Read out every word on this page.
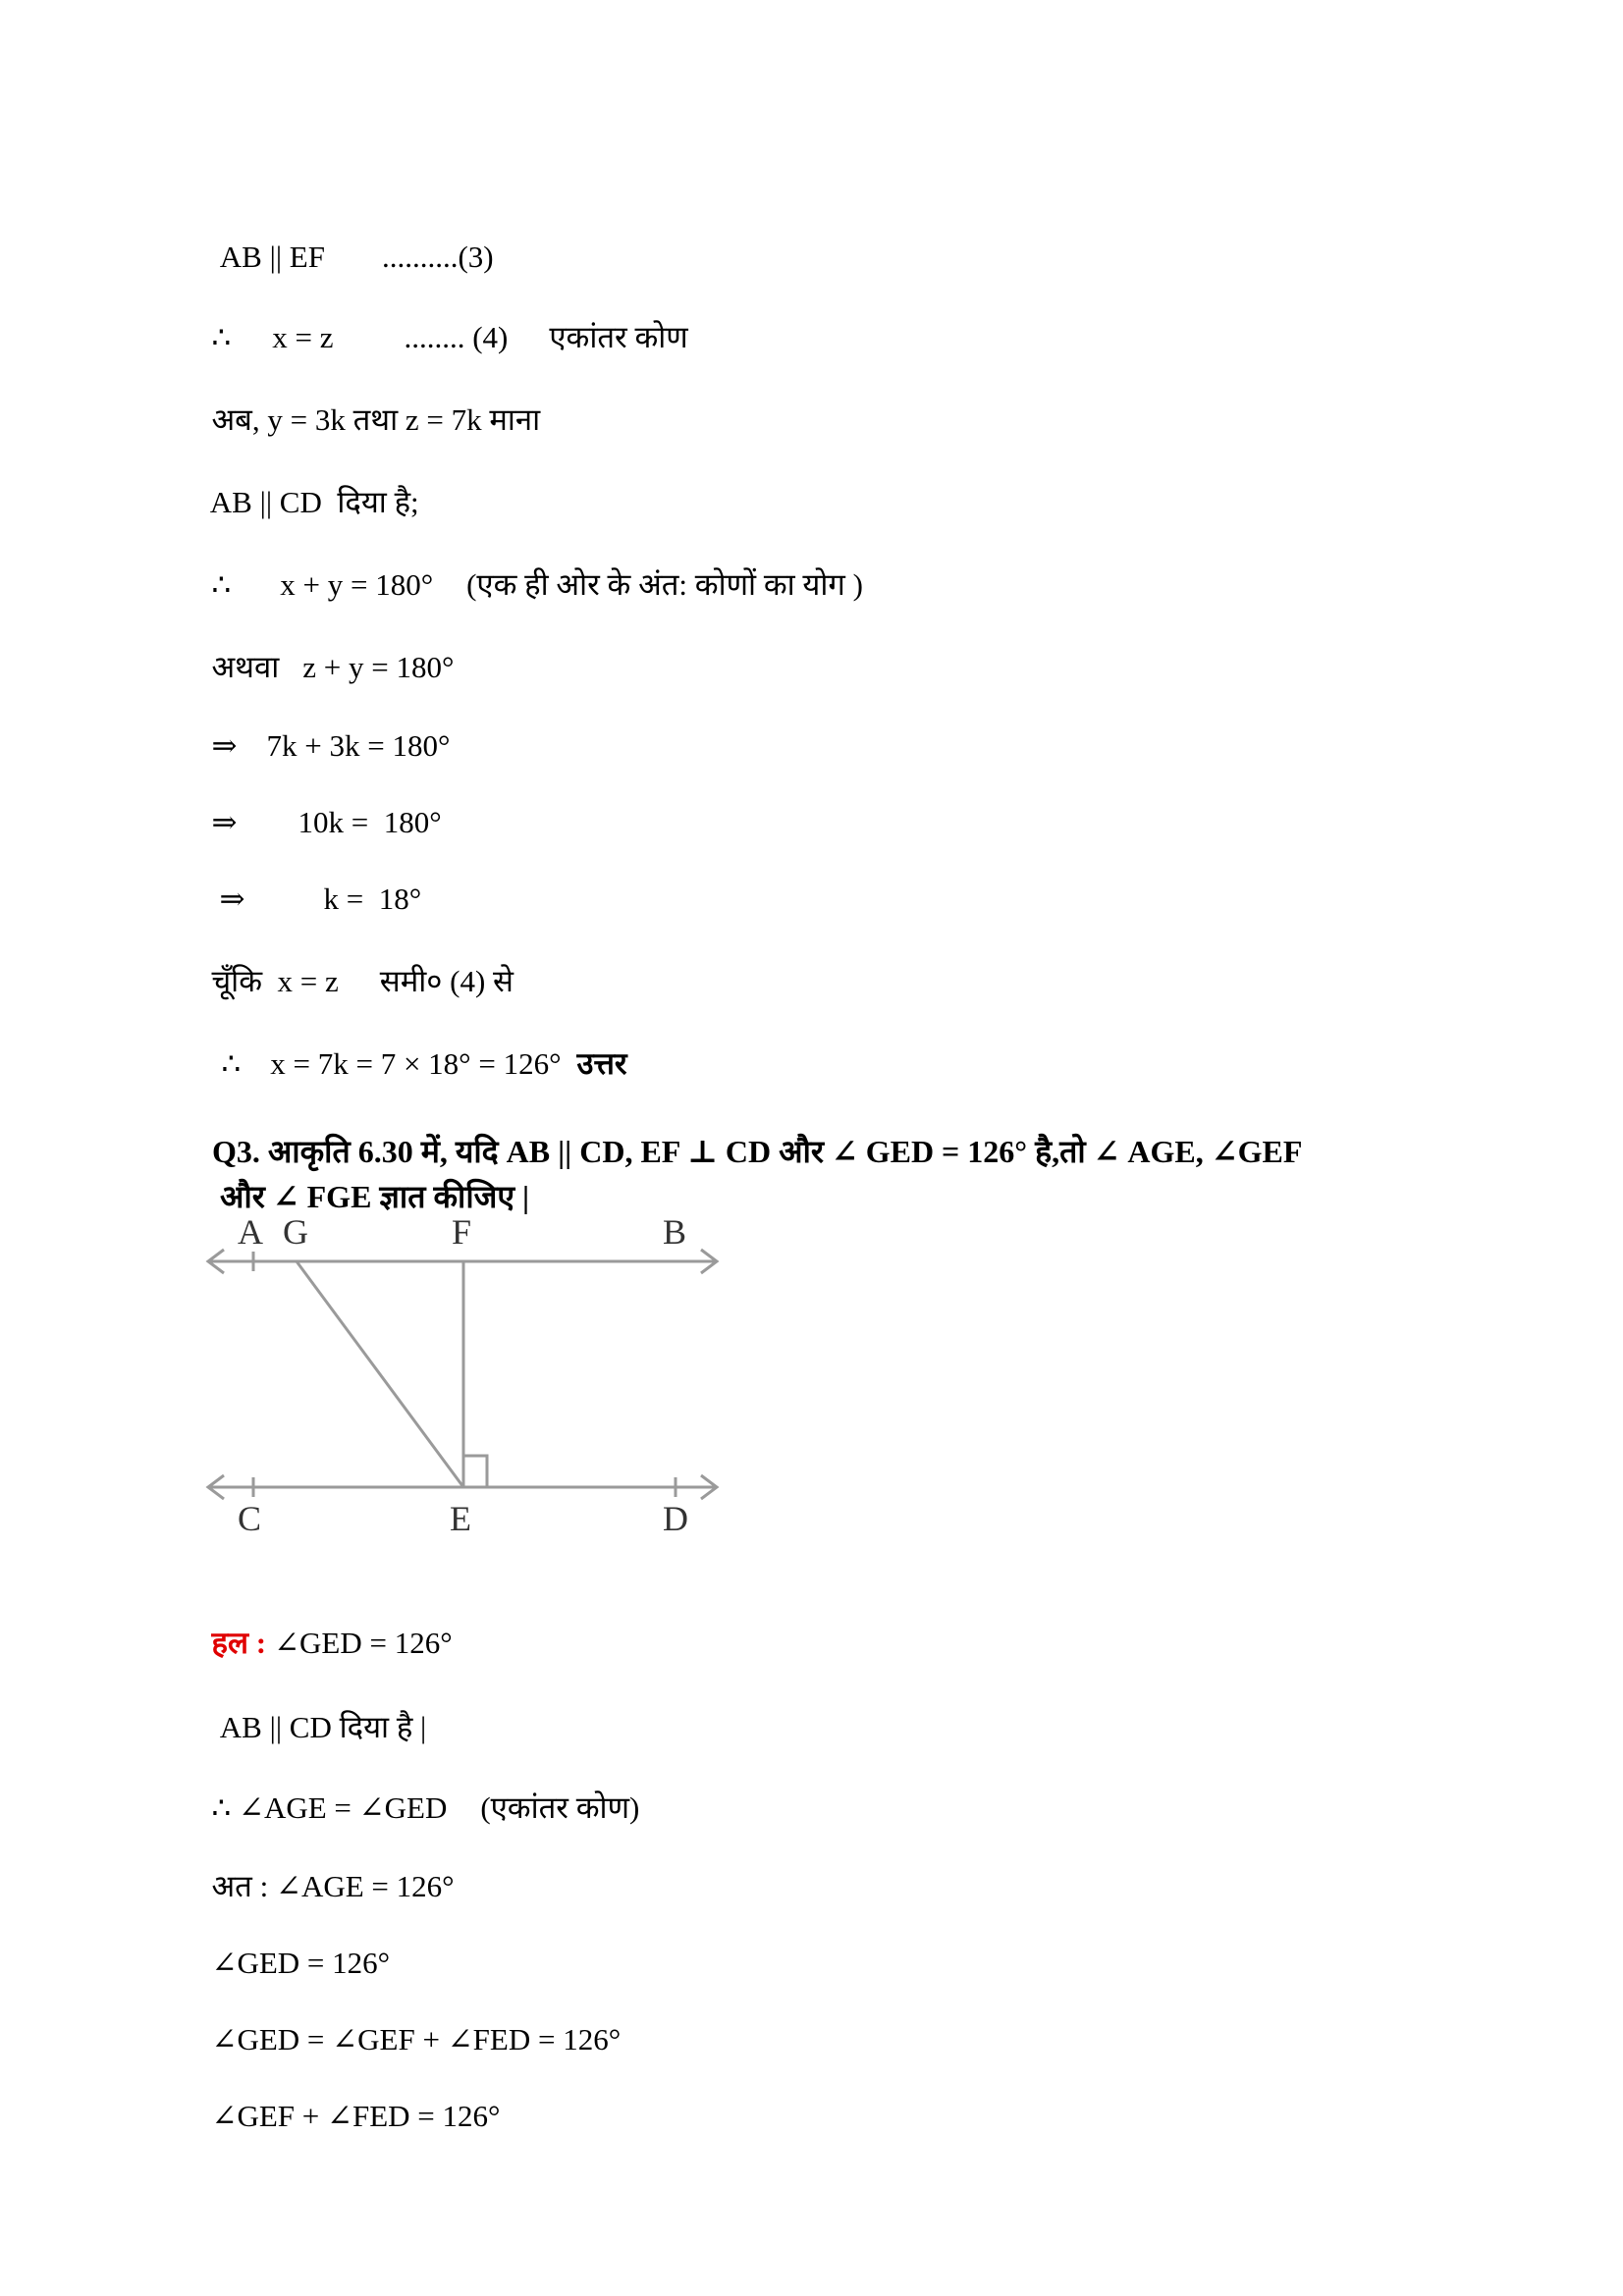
AB || EF ..........(3)

∴ x = z ........ (4) एकांतर कोण

अब, y = 3k तथा z = 7k माना

AB || CD  दिया है;

∴ x + y = 180° (एक ही ओर के अंत: कोणों का योग )

अथवा z + y = 180°

⇒ 7k + 3k = 180°

⇒ 10k =  180°

⇒	k =  18°

चूँकि  x = z समी० (4) से

∴ x = 7k = 7 × 18° = 126° उत्तर

Q3. आकृति 6.30 में, यदि AB || CD, EF ⊥ CD और ∠ GED = 126° है,तो ∠ AGE, ∠GEF

और ∠ FGE ज्ञात कीजिए |

A G	F	B
C	E	D

हल : ∠GED = 126°

AB || CD दिया है |

∴ ∠AGE = ∠GED (एकांतर कोण)

अत : ∠AGE = 126°

∠GED = 126°

∠GED = ∠GEF + ∠FED = 126°

∠GEF + ∠FED = 126°
